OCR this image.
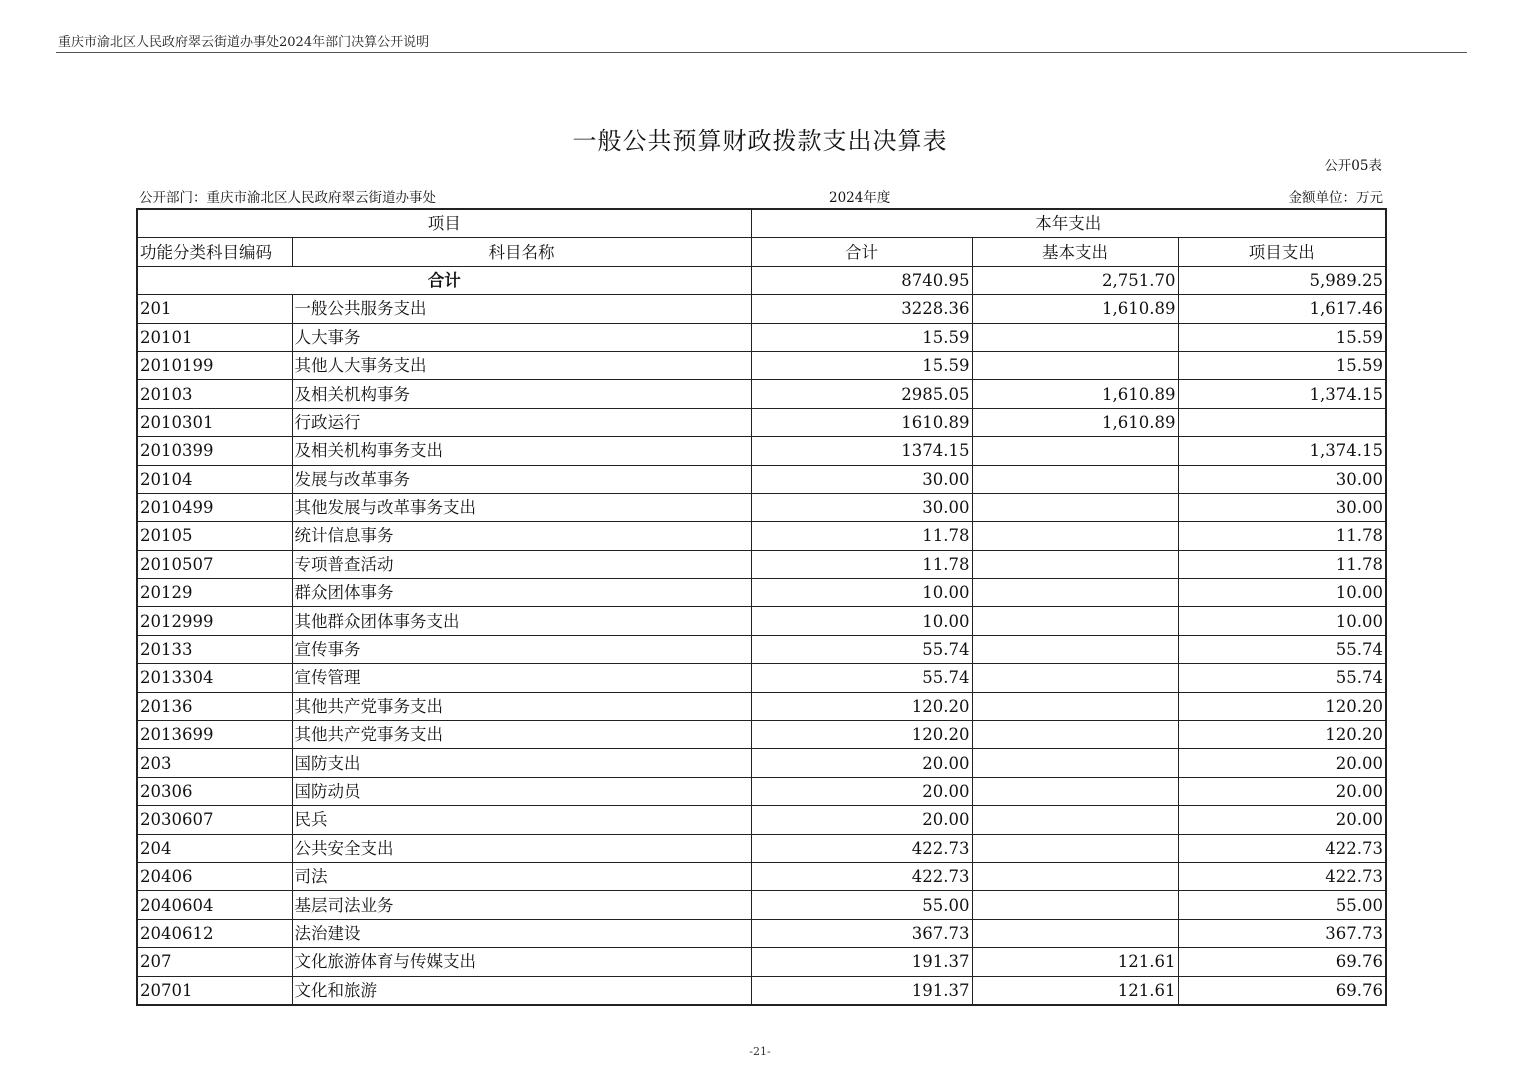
重庆市渝北区人民政府翠云街道办事处2024年部门决算公开说明
一般公共预算财政拨款支出决算表
公开05表
公开部门：重庆市渝北区人民政府翠云街道办事处	2024年度	金额单位：万元
项目		本年支出		
功能分类科目编码	科目名称	合计	基本支出	项目支出
合计		8740.95	2,751.70	5,989.25
201	一般公共服务支出	3228.36	1,610.89	1,617.46
20101	人大事务	15.59		15.59
2010199	其他人大事务支出	15.59		15.59
20103	及相关机构事务	2985.05	1,610.89	1,374.15
2010301	行政运行	1610.89	1,610.89	
2010399	及相关机构事务支出	1374.15		1,374.15
20104	发展与改革事务	30.00		30.00
2010499	其他发展与改革事务支出	30.00		30.00
20105	统计信息事务	11.78		11.78
2010507	专项普查活动	11.78		11.78
20129	群众团体事务	10.00		10.00
2012999	其他群众团体事务支出	10.00		10.00
20133	宣传事务	55.74		55.74
2013304	宣传管理	55.74		55.74
20136	其他共产党事务支出	120.20		120.20
2013699	其他共产党事务支出	120.20		120.20
203	国防支出	20.00		20.00
20306	国防动员	20.00		20.00
2030607	民兵	20.00		20.00
204	公共安全支出	422.73		422.73
20406	司法	422.73		422.73
2040604	基层司法业务	55.00		55.00
2040612	法治建设	367.73		367.73
207	文化旅游体育与传媒支出	191.37	121.61	69.76
20701	文化和旅游	191.37	121.61	69.76
-21-
